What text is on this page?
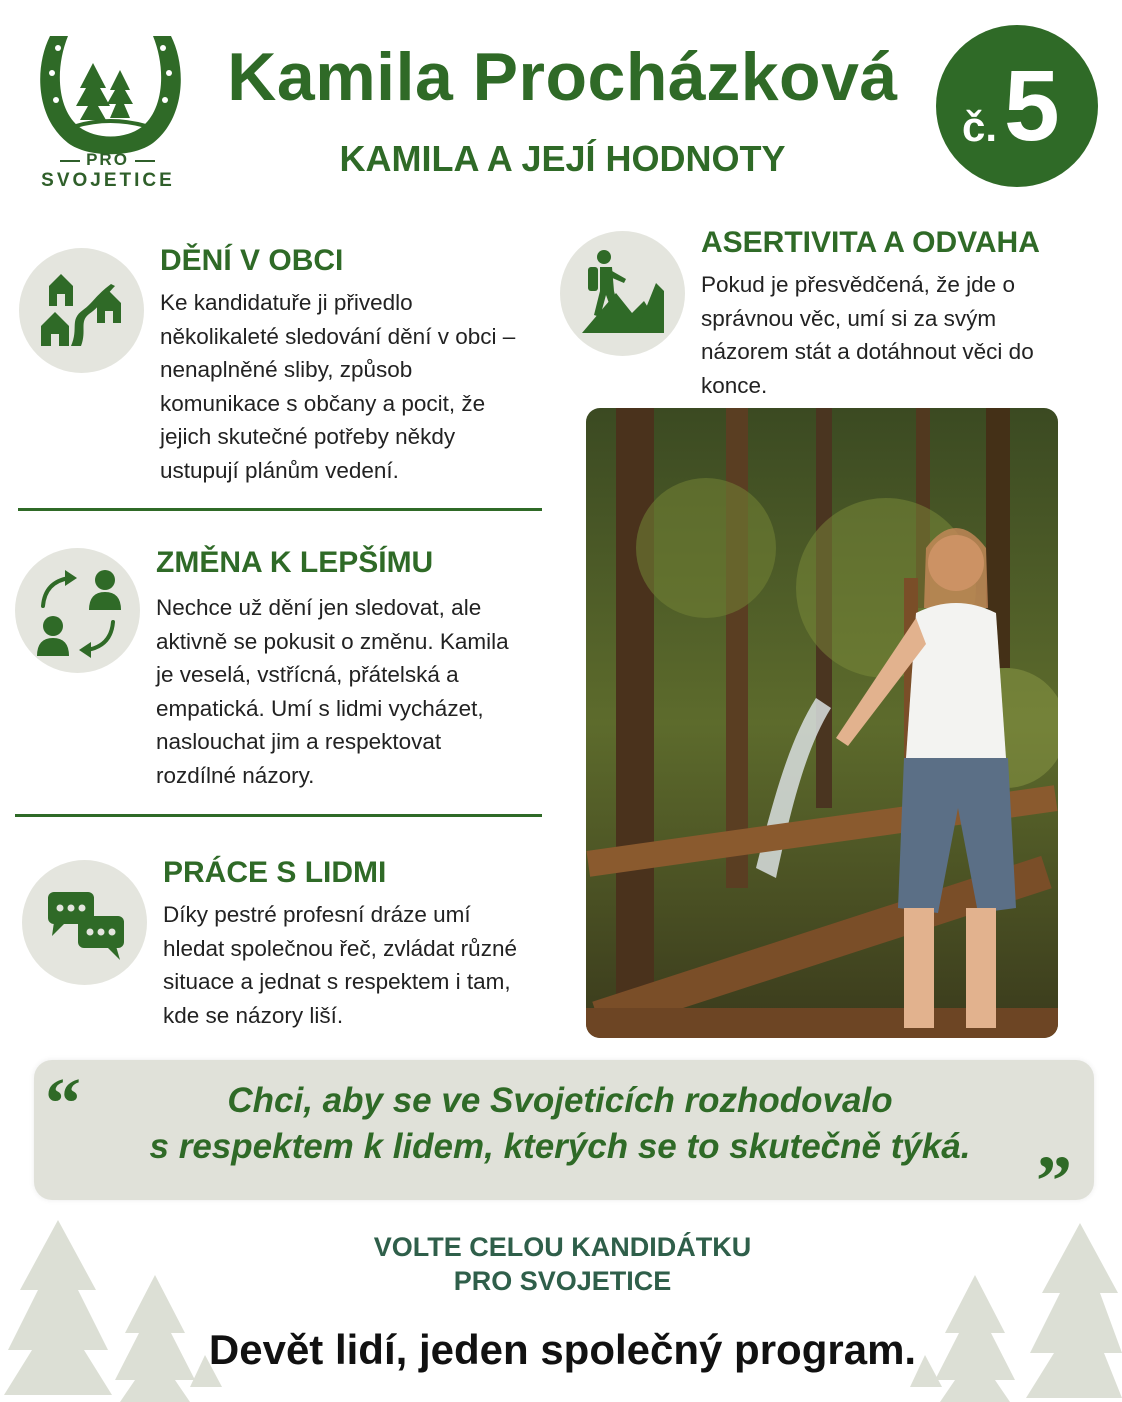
PRO
SVOJETICE
Kamila Procházková
KAMILA A JEJÍ HODNOTY
č. 5
DĚNÍ V OBCI
Ke kandidatuře ji přivedlo
několikaleté sledování dění v obci –
nenaplněné sliby, způsob
komunikace s občany a pocit, že
jejich skutečné potřeby někdy
ustupují plánům vedení.
ZMĚNA K LEPŠÍMU
Nechce už dění jen sledovat, ale
aktivně se pokusit o změnu. Kamila
je veselá, vstřícná, přátelská a
empatická. Umí s lidmi vycházet,
naslouchat jim a respektovat
rozdílné názory.
PRÁCE S LIDMI
Díky pestré profesní dráze umí
hledat společnou řeč, zvládat různé
situace a jednat s respektem i tam,
kde se názory liší.
ASERTIVITA A ODVAHA
Pokud je přesvědčená, že jde o
správnou věc, umí si za svým
názorem stát a dotáhnout věci do
konce.
“	Chci, aby se ve Svojeticích rozhodovalo
s respektem k lidem, kterých se to skutečně týká. ”
VOLTE CELOU KANDIDÁTKU
PRO SVOJETICE
Devět lidí, jeden společný program.
